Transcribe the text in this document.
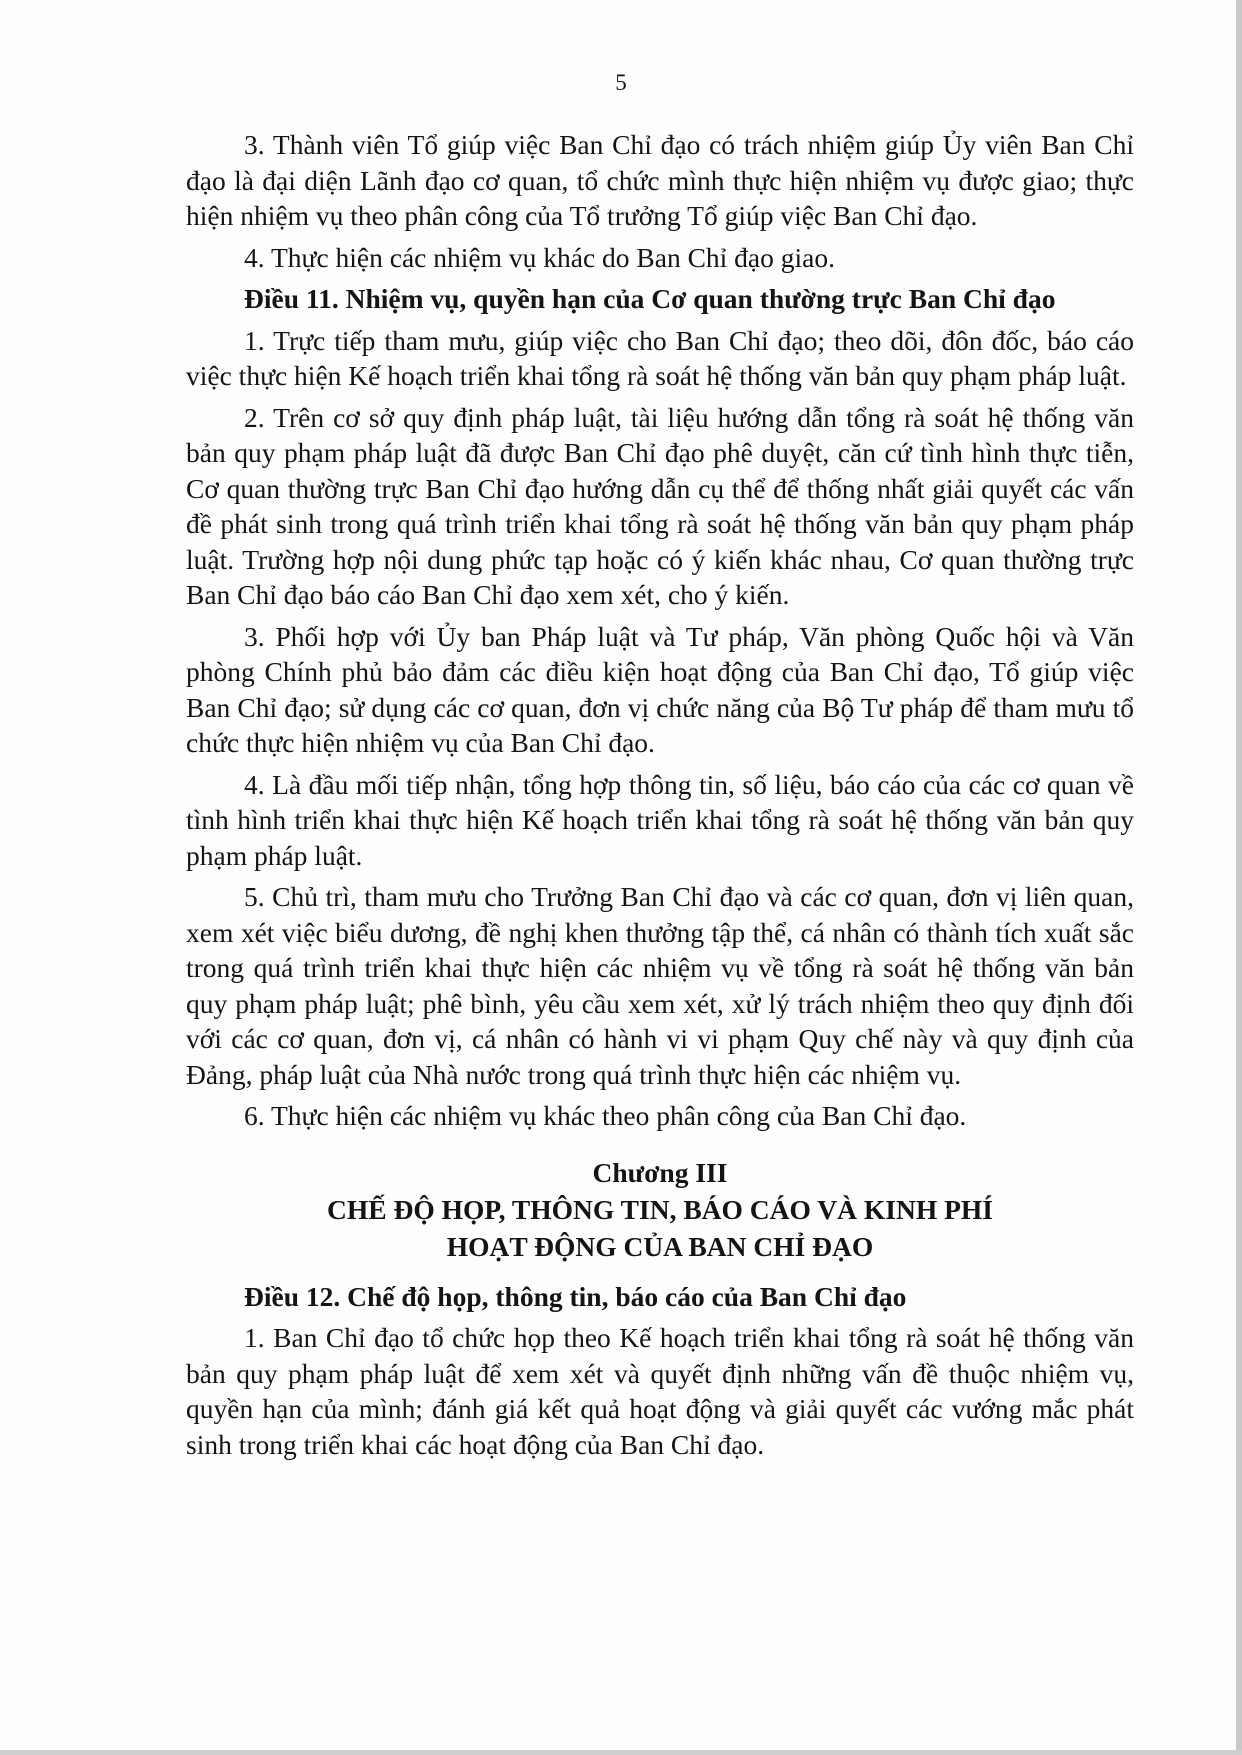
5

3. Thành viên Tổ giúp việc Ban Chỉ đạo có trách nhiệm giúp Ủy viên Ban Chỉ đạo là đại diện Lãnh đạo cơ quan, tổ chức mình thực hiện nhiệm vụ được giao; thực hiện nhiệm vụ theo phân công của Tổ trưởng Tổ giúp việc Ban Chỉ đạo.

4. Thực hiện các nhiệm vụ khác do Ban Chỉ đạo giao.

Điều 11. Nhiệm vụ, quyền hạn của Cơ quan thường trực Ban Chỉ đạo

1. Trực tiếp tham mưu, giúp việc cho Ban Chỉ đạo; theo dõi, đôn đốc, báo cáo việc thực hiện Kế hoạch triển khai tổng rà soát hệ thống văn bản quy phạm pháp luật.

2. Trên cơ sở quy định pháp luật, tài liệu hướng dẫn tổng rà soát hệ thống văn bản quy phạm pháp luật đã được Ban Chỉ đạo phê duyệt, căn cứ tình hình thực tiễn, Cơ quan thường trực Ban Chỉ đạo hướng dẫn cụ thể để thống nhất giải quyết các vấn đề phát sinh trong quá trình triển khai tổng rà soát hệ thống văn bản quy phạm pháp luật. Trường hợp nội dung phức tạp hoặc có ý kiến khác nhau, Cơ quan thường trực Ban Chỉ đạo báo cáo Ban Chỉ đạo xem xét, cho ý kiến.

3. Phối hợp với Ủy ban Pháp luật và Tư pháp, Văn phòng Quốc hội và Văn phòng Chính phủ bảo đảm các điều kiện hoạt động của Ban Chỉ đạo, Tổ giúp việc Ban Chỉ đạo; sử dụng các cơ quan, đơn vị chức năng của Bộ Tư pháp để tham mưu tổ chức thực hiện nhiệm vụ của Ban Chỉ đạo.

4. Là đầu mối tiếp nhận, tổng hợp thông tin, số liệu, báo cáo của các cơ quan về tình hình triển khai thực hiện Kế hoạch triển khai tổng rà soát hệ thống văn bản quy phạm pháp luật.

5. Chủ trì, tham mưu cho Trưởng Ban Chỉ đạo và các cơ quan, đơn vị liên quan, xem xét việc biểu dương, đề nghị khen thưởng tập thể, cá nhân có thành tích xuất sắc trong quá trình triển khai thực hiện các nhiệm vụ về tổng rà soát hệ thống văn bản quy phạm pháp luật; phê bình, yêu cầu xem xét, xử lý trách nhiệm theo quy định đối với các cơ quan, đơn vị, cá nhân có hành vi vi phạm Quy chế này và quy định của Đảng, pháp luật của Nhà nước trong quá trình thực hiện các nhiệm vụ.

6. Thực hiện các nhiệm vụ khác theo phân công của Ban Chỉ đạo.

Chương III
CHẾ ĐỘ HỌP, THÔNG TIN, BÁO CÁO VÀ KINH PHÍ
HOẠT ĐỘNG CỦA BAN CHỈ ĐẠO

Điều 12. Chế độ họp, thông tin, báo cáo của Ban Chỉ đạo

1. Ban Chỉ đạo tổ chức họp theo Kế hoạch triển khai tổng rà soát hệ thống văn bản quy phạm pháp luật để xem xét và quyết định những vấn đề thuộc nhiệm vụ, quyền hạn của mình; đánh giá kết quả hoạt động và giải quyết các vướng mắc phát sinh trong triển khai các hoạt động của Ban Chỉ đạo.
